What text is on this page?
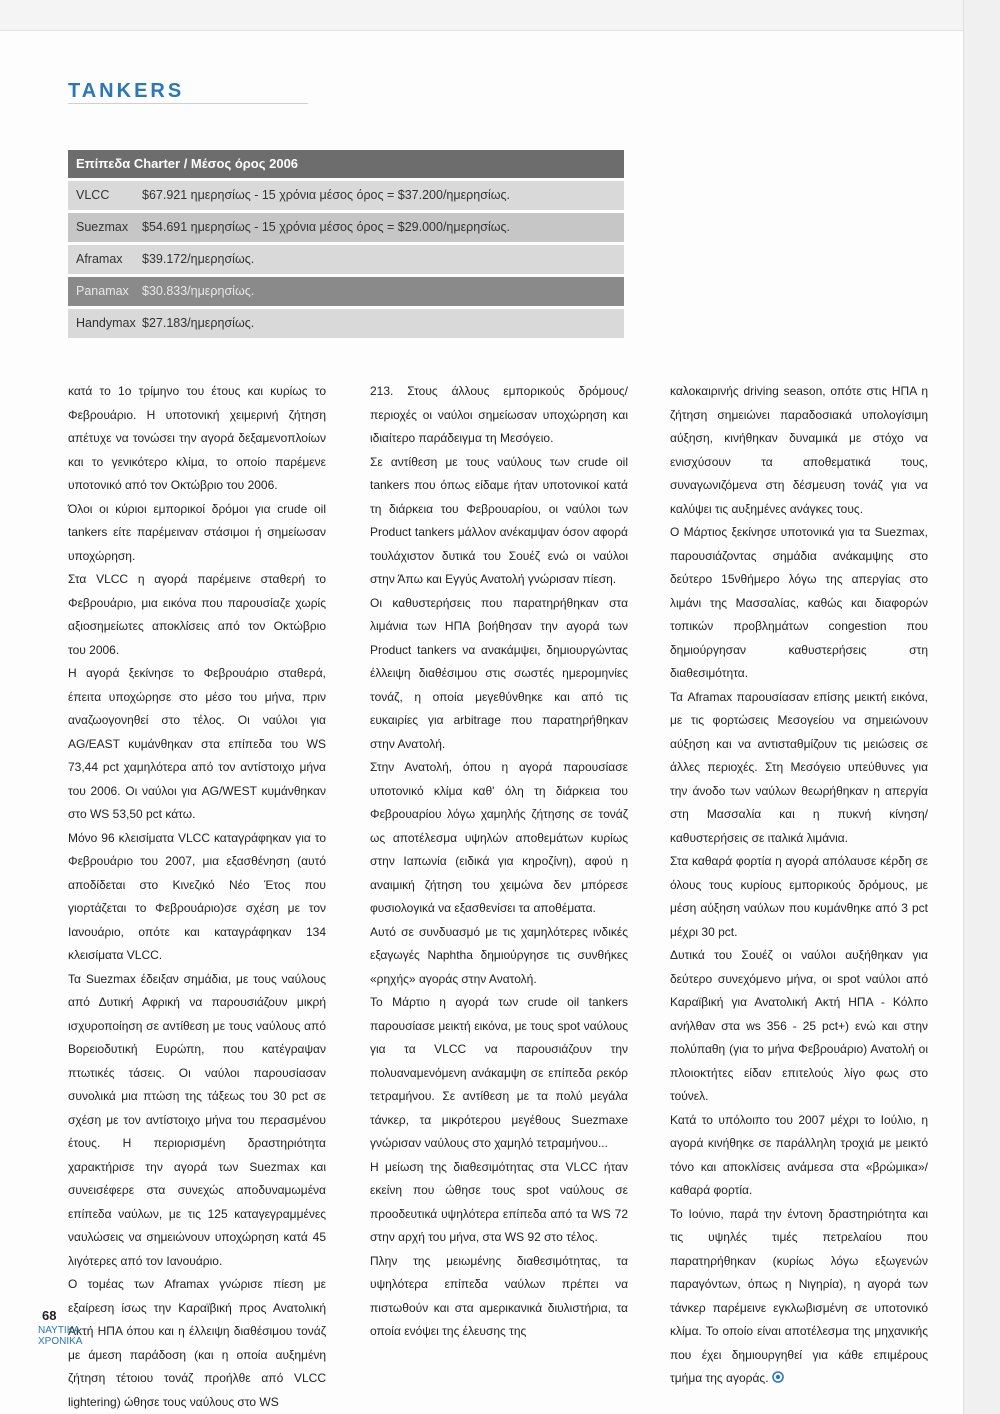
TANKERS
Επίπεδα Charter / Μέσος όρος 2006
VLCC	$67.921 ημερησίως - 15 χρόνια μέσος όρος = $37.200/ημερησίως.
Suezmax	$54.691 ημερησίως - 15 χρόνια μέσος όρος = $29.000/ημερησίως.
Aframax	$39.172/ημερησίως.
Panamax	$30.833/ημερησίως.
Handymax $27.183/ημερησίως.

κατά το 1ο τρίμηνο του έτους και κυρίως το Φεβρουάριο. Η υποτονική χειμερινή ζήτηση απέτυχε να τονώσει την αγορά δεξαμενοπλοίων και το γενικότερο κλίμα, το οποίο παρέμενε υποτονικό από τον Οκτώβριο του 2006.

Όλοι οι κύριοι εμπορικοί δρόμοι για crude oil tankers είτε παρέμειναν στάσιμοι ή σημείωσαν υποχώρηση.

Στα VLCC η αγορά παρέμεινε σταθερή το Φεβρουάριο, μια εικόνα που παρουσίαζε χωρίς αξιοσημείωτες αποκλίσεις από τον Οκτώβριο του 2006.

Η αγορά ξεκίνησε το Φεβρουάριο σταθερά, έπειτα υποχώρησε στο μέσο του μήνα, πριν αναζωογονηθεί στο τέλος. Οι ναύλοι για AG/EAST κυμάνθηκαν στα επίπεδα του WS 73,44 pct χαμηλότερα από τον αντίστοιχο μήνα του 2006. Οι ναύλοι για AG/WEST κυμάνθηκαν στο WS 53,50 pct κάτω.

Μόνο 96 κλεισίματα VLCC καταγράφηκαν για το Φεβρουάριο του 2007, μια εξασθένηση (αυτό αποδίδεται στο Κινεζικό Νέο Έτος που γιορτάζεται το Φεβρουάριο)σε σχέση με τον Ιανουάριο, οπότε και καταγράφηκαν 134 κλεισίματα VLCC.

Τα Suezmax έδειξαν σημάδια, με τους ναύλους από Δυτική Αφρική να παρουσιάζουν μικρή ισχυροποίηση σε αντίθεση με τους ναύλους από Βορειοδυτική Ευρώπη, που κατέγραψαν πτωτικές τάσεις. Οι ναύλοι παρουσίασαν συνολικά μια πτώση της τάξεως του 30 pct σε σχέση με τον αντίστοιχο μήνα του περασμένου έτους. Η περιορισμένη δραστηριότητα χαρακτήρισε την αγορά των Suezmax και συνεισέφερε στα συνεχώς αποδυναμωμένα επίπεδα ναύλων, με τις 125 καταγεγραμμένες ναυλώσεις να σημειώνουν υποχώρηση κατά 45 λιγότερες από τον Ιανουάριο.

Ο τομέας των Aframax γνώρισε πίεση με εξαίρεση ίσως την Καραϊβική προς Ανατολική Ακτή ΗΠΑ όπου και η έλλειψη διαθέσιμου τονάζ με άμεση παράδοση (και η οποία αυξημένη ζήτηση τέτοιου τονάζ προήλθε από VLCC lightering) ώθησε τους ναύλους στο WS

213. Στους άλλους εμπορικούς δρόμους/περιοχές οι ναύλοι σημείωσαν υποχώρηση και ιδιαίτερο παράδειγμα τη Μεσόγειο.

Σε αντίθεση με τους ναύλους των crude oil tankers που όπως είδαμε ήταν υποτονικοί κατά τη διάρκεια του Φεβρουαρίου, οι ναύλοι των Product tankers μάλλον ανέκαμψαν όσον αφορά τουλάχιστον δυτικά του Σουέζ ενώ οι ναύλοι στην Άπω και Εγγύς Ανατολή γνώρισαν πίεση.

Οι καθυστερήσεις που παρατηρήθηκαν στα λιμάνια των ΗΠΑ βοήθησαν την αγορά των Product tankers να ανακάμψει, δημιουργώντας έλλειψη διαθέσιμου στις σωστές ημερομηνίες τονάζ, η οποία μεγεθύνθηκε και από τις ευκαιρίες για arbitrage που παρατηρήθηκαν στην Ανατολή.

Στην Ανατολή, όπου η αγορά παρουσίασε υποτονικό κλίμα καθ' όλη τη διάρκεια του Φεβρουαρίου λόγω χαμηλής ζήτησης σε τονάζ ως αποτέλεσμα υψηλών αποθεμάτων κυρίως στην Ιαπωνία (ειδικά για κηροζίνη), αφού η αναιμική ζήτηση του χειμώνα δεν μπόρεσε φυσιολογικά να εξασθενίσει τα αποθέματα.

Αυτό σε συνδυασμό με τις χαμηλότερες ινδικές εξαγωγές Naphtha δημιούργησε τις συνθήκες «ρηχής» αγοράς στην Ανατολή.

Το Μάρτιο η αγορά των crude oil tankers παρουσίασε μεικτή εικόνα, με τους spot ναύλους για τα VLCC να παρουσιάζουν την πολυαναμενόμενη ανάκαμψη σε επίπεδα ρεκόρ τετραμήνου. Σε αντίθεση με τα πολύ μεγάλα τάνκερ, τα μικρότερου μεγέθους Suezmaxe γνώρισαν ναύλους στο χαμηλό τετραμήνου...

Η μείωση της διαθεσιμότητας στα VLCC ήταν εκείνη που ώθησε τους spot ναύλους σε προοδευτικά υψηλότερα επίπεδα από τα WS 72 στην αρχή του μήνα, στα WS 92 στο τέλος.

Πλην της μειωμένης διαθεσιμότητας, τα υψηλότερα επίπεδα ναύλων πρέπει να πιστωθούν και στα αμερικανικά διυλιστήρια, τα οποία ενόψει της έλευσης της

καλοκαιρινής driving season, οπότε στις ΗΠΑ η ζήτηση σημειώνει παραδοσιακά υπολογίσιμη αύξηση, κινήθηκαν δυναμικά με στόχο να ενισχύσουν τα αποθεματικά τους, συναγωνιζόμενα στη δέσμευση τονάζ για να καλύψει τις αυξημένες ανάγκες τους.

Ο Μάρτιος ξεκίνησε υποτονικά για τα Suezmax, παρουσιάζοντας σημάδια ανάκαμψης στο δεύτερο 15νθήμερο λόγω της απεργίας στο λιμάνι της Μασσαλίας, καθώς και διαφορών τοπικών προβλημάτων congestion που δημιούργησαν καθυστερήσεις στη διαθεσιμότητα.

Τα Aframax παρουσίασαν επίσης μεικτή εικόνα, με τις φορτώσεις Μεσογείου να σημειώνουν αύξηση και να αντισταθμίζουν τις μειώσεις σε άλλες περιοχές. Στη Μεσόγειο υπεύθυνες για την άνοδο των ναύλων θεωρήθηκαν η απεργία στη Μασσαλία και η πυκνή κίνηση/καθυστερήσεις σε ιταλικά λιμάνια.

Στα καθαρά φορτία η αγορά απόλαυσε κέρδη σε όλους τους κυρίους εμπορικούς δρόμους, με μέση αύξηση ναύλων που κυμάνθηκε από 3 pct μέχρι 30 pct.

Δυτικά του Σουέζ οι ναύλοι αυξήθηκαν για δεύτερο συνεχόμενο μήνα, οι spot ναύλοι από Καραϊβική για Ανατολική Ακτή ΗΠΑ - Κόλπο ανήλθαν στα ws 356 - 25 pct+) ενώ και στην πολύπαθη (για το μήνα Φεβρουάριο) Ανατολή οι πλοιοκτήτες είδαν επιτελούς λίγο φως στο τούνελ.

Κατά το υπόλοιπο του 2007 μέχρι το Ιούλιο, η αγορά κινήθηκε σε παράλληλη τροχιά με μεικτό τόνο και αποκλίσεις ανάμεσα στα «βρώμικα»/καθαρά φορτία.

Το Ιούνιο, παρά την έντονη δραστηριότητα και τις υψηλές τιμές πετρελαίου που παρατηρήθηκαν (κυρίως λόγω εξωγενών παραγόντων, όπως η Νιγηρία), η αγορά των τάνκερ παρέμεινε εγκλωβισμένη σε υποτονικό κλίμα. Το οποίο είναι αποτέλεσμα της μηχανικής που έχει δημιουργηθεί για κάθε επιμέρους τμήμα της αγοράς.

68
ΝΑΥΤΙΚΑ
ΧΡΟΝΙΚΑ
